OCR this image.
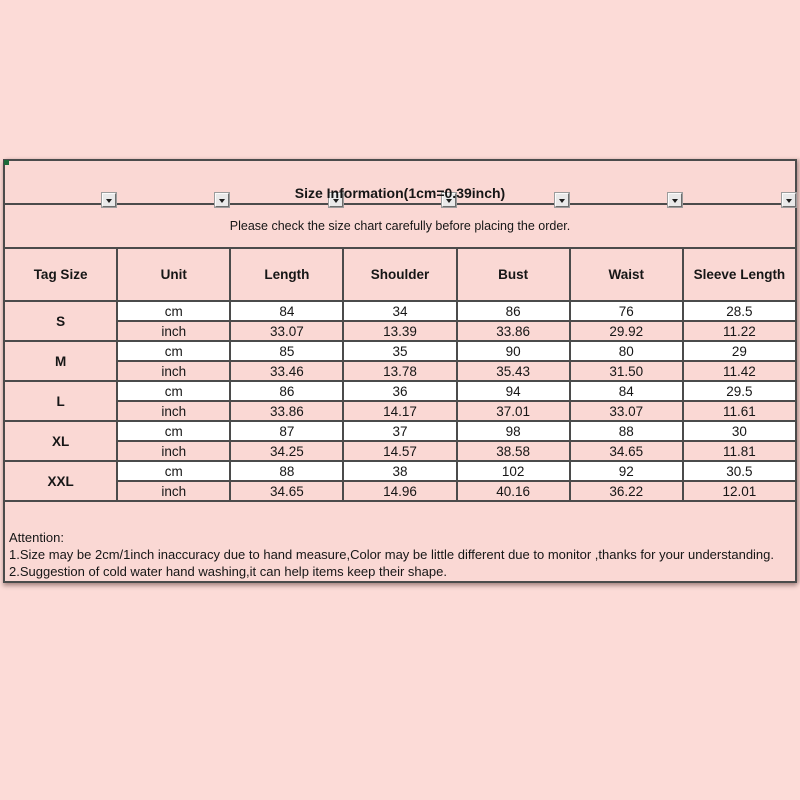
Size Information(1cm=0.39inch)						
Please check the size chart carefully before placing the order.						
Tag Size	Unit	Length	Shoulder	Bust	Waist	Sleeve Length
S	cm	84	34	86	76	28.5
	inch	33.07	13.39	33.86	29.92	11.22
M	cm	85	35	90	80	29
	inch	33.46	13.78	35.43	31.50	11.42
L	cm	86	36	94	84	29.5
	inch	33.86	14.17	37.01	33.07	11.61
XL	cm	87	37	98	88	30
	inch	34.25	14.57	38.58	34.65	11.81
XXL	cm	88	38	102	92	30.5
	inch	34.65	14.96	40.16	36.22	12.01

Attention:
1.Size may be 2cm/1inch inaccuracy due to hand measure,Color may be little different due to monitor ,thanks for your understanding.
2.Suggestion of cold water hand washing,it can help items keep their shape.						
